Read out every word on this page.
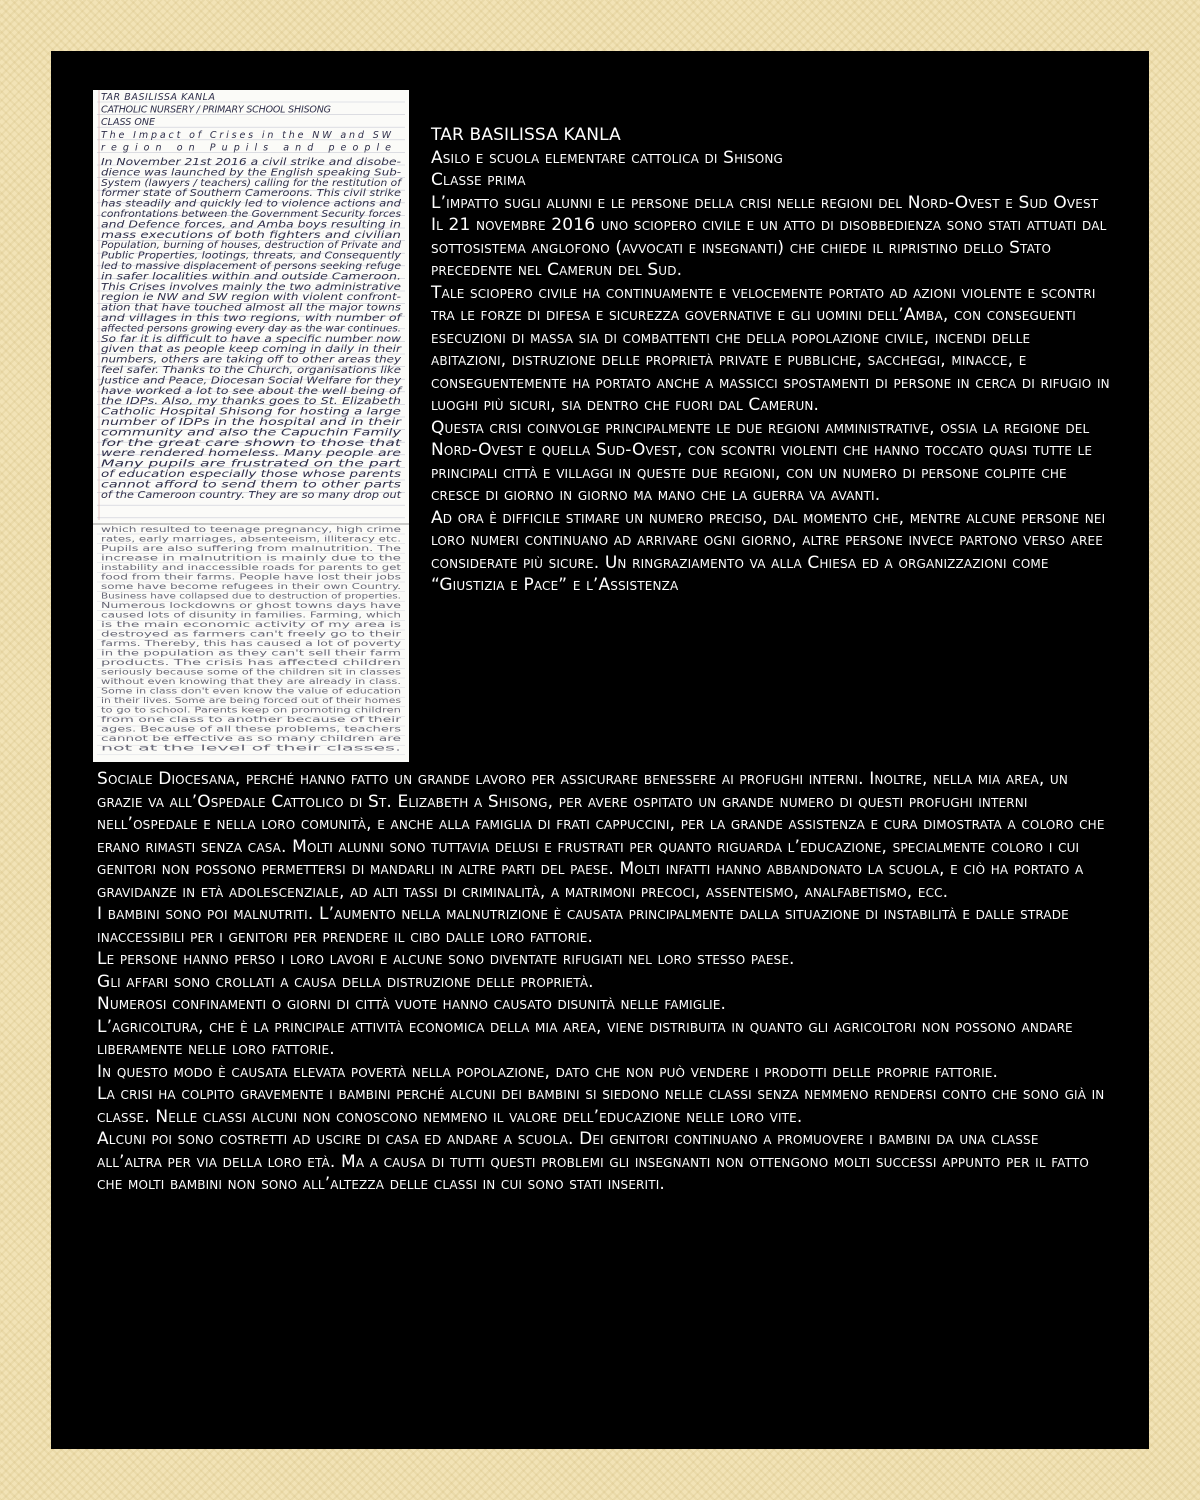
TAR BASILISSA KANLA
CATHOLIC NURSERY / PRIMARY SCHOOL SHISONG
CLASS ONE
The Impact of Crises in the NW and SW
region on Pupils and people
In November 21st 2016 a civil strike and disobe-
dience was launched by the English speaking Sub-
System (lawyers / teachers) calling for the restitution of
former state of Southern Cameroons. This civil strike
has steadily and quickly led to violence actions and
confrontations between the Government Security forces
and Defence forces, and Amba boys resulting in
mass executions of both fighters and civilian
Population, burning of houses, destruction of Private and
Public Properties, lootings, threats, and Consequently
led to massive displacement of persons seeking refuge
in safer localities within and outside Cameroon.
This Crises involves mainly the two administrative
region ie NW and SW region with violent confront-
ation that have touched almost all the major towns
and villages in this two regions, with number of
affected persons growing every day as the war continues.
So far it is difficult to have a specific number now
given that as people keep coming in daily in their
numbers, others are taking off to other areas they
feel safer. Thanks to the Church, organisations like
Justice and Peace, Diocesan Social Welfare for they
have worked a lot to see about the well being of
the IDPs. Also, my thanks goes to St. Elizabeth
Catholic Hospital Shisong for hosting a large
number of IDPs in the hospital and in their
community and also the Capuchin Family
for the great care shown to those that
were rendered homeless. Many people are
Many pupils are frustrated on the part
of education especially those whose parents
cannot afford to send them to other parts
of the Cameroon country. They are so many drop out
which resulted to teenage pregnancy, high crime
rates, early marriages, absenteeism, illiteracy etc.
Pupils are also suffering from malnutrition. The
increase in malnutrition is mainly due to the
instability and inaccessible roads for parents to get
food from their farms. People have lost their jobs
some have become refugees in their own Country.
Business have collapsed due to destruction of properties.
Numerous lockdowns or ghost towns days have
caused lots of disunity in families. Farming, which
is the main economic activity of my area is
destroyed as farmers can't freely go to their
farms. Thereby, this has caused a lot of poverty
in the population as they can't sell their farm
products. The crisis has affected children
seriously because some of the children sit in classes
without even knowing that they are already in class.
Some in class don't even know the value of education
in their lives. Some are being forced out of their homes
to go to school. Parents keep on promoting children
from one class to another because of their
ages. Because of all these problems, teachers
cannot be effective as so many children are
not at the level of their classes.

TAR BASILISSA KANLA

Asilo e scuola elementare cattolica di Shisong

Classe prima

L’impatto sugli alunni e le persone della crisi nelle regioni del Nord-Ovest e Sud Ovest

Il 21 novembre 2016 uno sciopero civile e un atto di disobbedienza sono stati attuati dal sottosistema anglofono (avvocati e insegnanti) che chiede il ripristino dello Stato precedente nel Camerun del Sud.

Tale sciopero civile ha continuamente e velocemente portato ad azioni violente e scontri tra le forze di difesa e sicurezza governative e gli uomini dell’Amba, con conseguenti esecuzioni di massa sia di combattenti che della popolazione civile, incendi delle abitazioni, distruzione delle proprietà private e pubbliche, saccheggi, minacce, e conseguentemente ha portato anche a massicci spostamenti di persone in cerca di rifugio in luoghi più sicuri, sia dentro che fuori dal Camerun.

Questa crisi coinvolge principalmente le due regioni amministrative, ossia la regione del Nord-Ovest e quella Sud-Ovest, con scontri violenti che hanno toccato quasi tutte le principali città e villaggi in queste due regioni, con un numero di persone colpite che cresce di giorno in giorno ma mano che la guerra va avanti.

Ad ora è difficile stimare un numero preciso, dal momento che, mentre alcune persone nei loro numeri continuano ad arrivare ogni giorno, altre persone invece partono verso aree considerate più sicure. Un ringraziamento va alla Chiesa ed a organizzazioni come “Giustizia e Pace” e l’Assistenza

Sociale Diocesana, perché hanno fatto un grande lavoro per assicurare benessere ai profughi interni. Inoltre, nella mia area, un grazie va all’Ospedale Cattolico di St. Elizabeth a Shisong, per avere ospitato un grande numero di questi profughi interni nell’ospedale e nella loro comunità, e anche alla famiglia di frati cappuccini, per la grande assistenza e cura dimostrata a coloro che erano rimasti senza casa. Molti alunni sono tuttavia delusi e frustrati per quanto riguarda l’educazione, specialmente coloro i cui genitori non possono permettersi di mandarli in altre parti del paese. Molti infatti hanno abbandonato la scuola, e ciò ha portato a gravidanze in età adolescenziale, ad alti tassi di criminalità, a matrimoni precoci, assenteismo, analfabetismo, ecc.

I bambini sono poi malnutriti. L’aumento nella malnutrizione è causata principalmente dalla situazione di instabilità e dalle strade inaccessibili per i genitori per prendere il cibo dalle loro fattorie.

Le persone hanno perso i loro lavori e alcune sono diventate rifugiati nel loro stesso paese.

Gli affari sono crollati a causa della distruzione delle proprietà.

Numerosi confinamenti o giorni di città vuote hanno causato disunità nelle famiglie.

L’agricoltura, che è la principale attività economica della mia area, viene distribuita in quanto gli agricoltori non possono andare liberamente nelle loro fattorie.

In questo modo è causata elevata povertà nella popolazione, dato che non può vendere i prodotti delle proprie fattorie.

La crisi ha colpito gravemente i bambini perché alcuni dei bambini si siedono nelle classi senza nemmeno rendersi conto che sono già in classe. Nelle classi alcuni non conoscono nemmeno il valore dell’educazione nelle loro vite.

Alcuni poi sono costretti ad uscire di casa ed andare a scuola. Dei genitori continuano a promuovere i bambini da una classe all’altra per via della loro età. Ma a causa di tutti questi problemi gli insegnanti non ottengono molti successi appunto per il fatto che molti bambini non sono all’altezza delle classi in cui sono stati inseriti.
